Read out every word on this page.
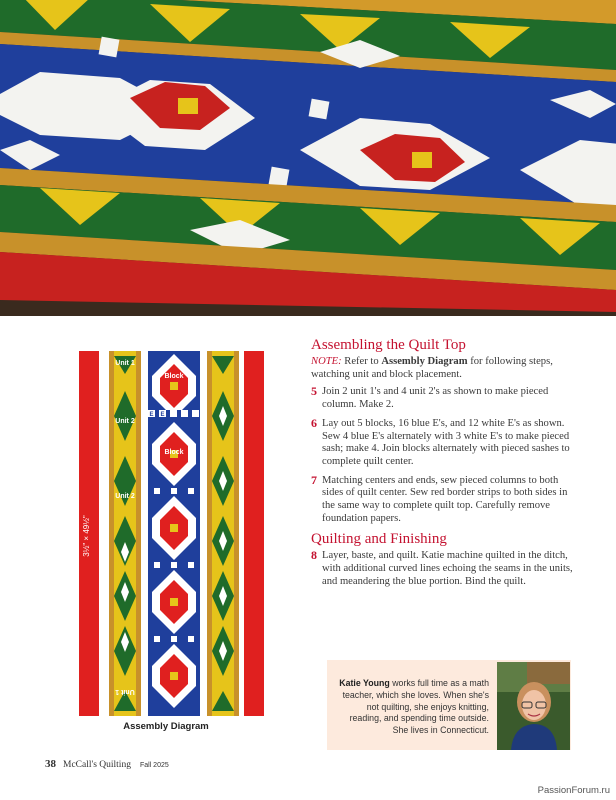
3½" × 49½"
Unit 1
Unit 2
Unit 2
Unit 1
Block
E E
Block
Assembly Diagram
Assembling the Quilt Top

NOTE: Refer to Assembly Diagram for following steps, watching unit and block placement.

5 Join 2 unit 1's and 4 unit 2's as shown to make pieced column. Make 2.
6 Lay out 5 blocks, 16 blue E's, and 12 white E's as shown. Sew 4 blue E's alternately with 3 white E's to make pieced sash; make 4. Join blocks alternately with pieced sashes to complete quilt center.
7 Matching centers and ends, sew pieced columns to both sides of quilt center. Sew red border strips to both sides in the same way to complete quilt top. Carefully remove foundation papers.
Quilting and Finishing
8 Layer, baste, and quilt. Katie machine quilted in the ditch, with additional curved lines echoing the seams in the units, and meandering the blue portion. Bind the quilt.
Katie Young works full time as a math teacher, which she loves. When she's not quilting, she enjoys knitting, reading, and spending time outside. She lives in Connecticut.
38 McCall's Quilting Fall 2025
PassionForum.ru
